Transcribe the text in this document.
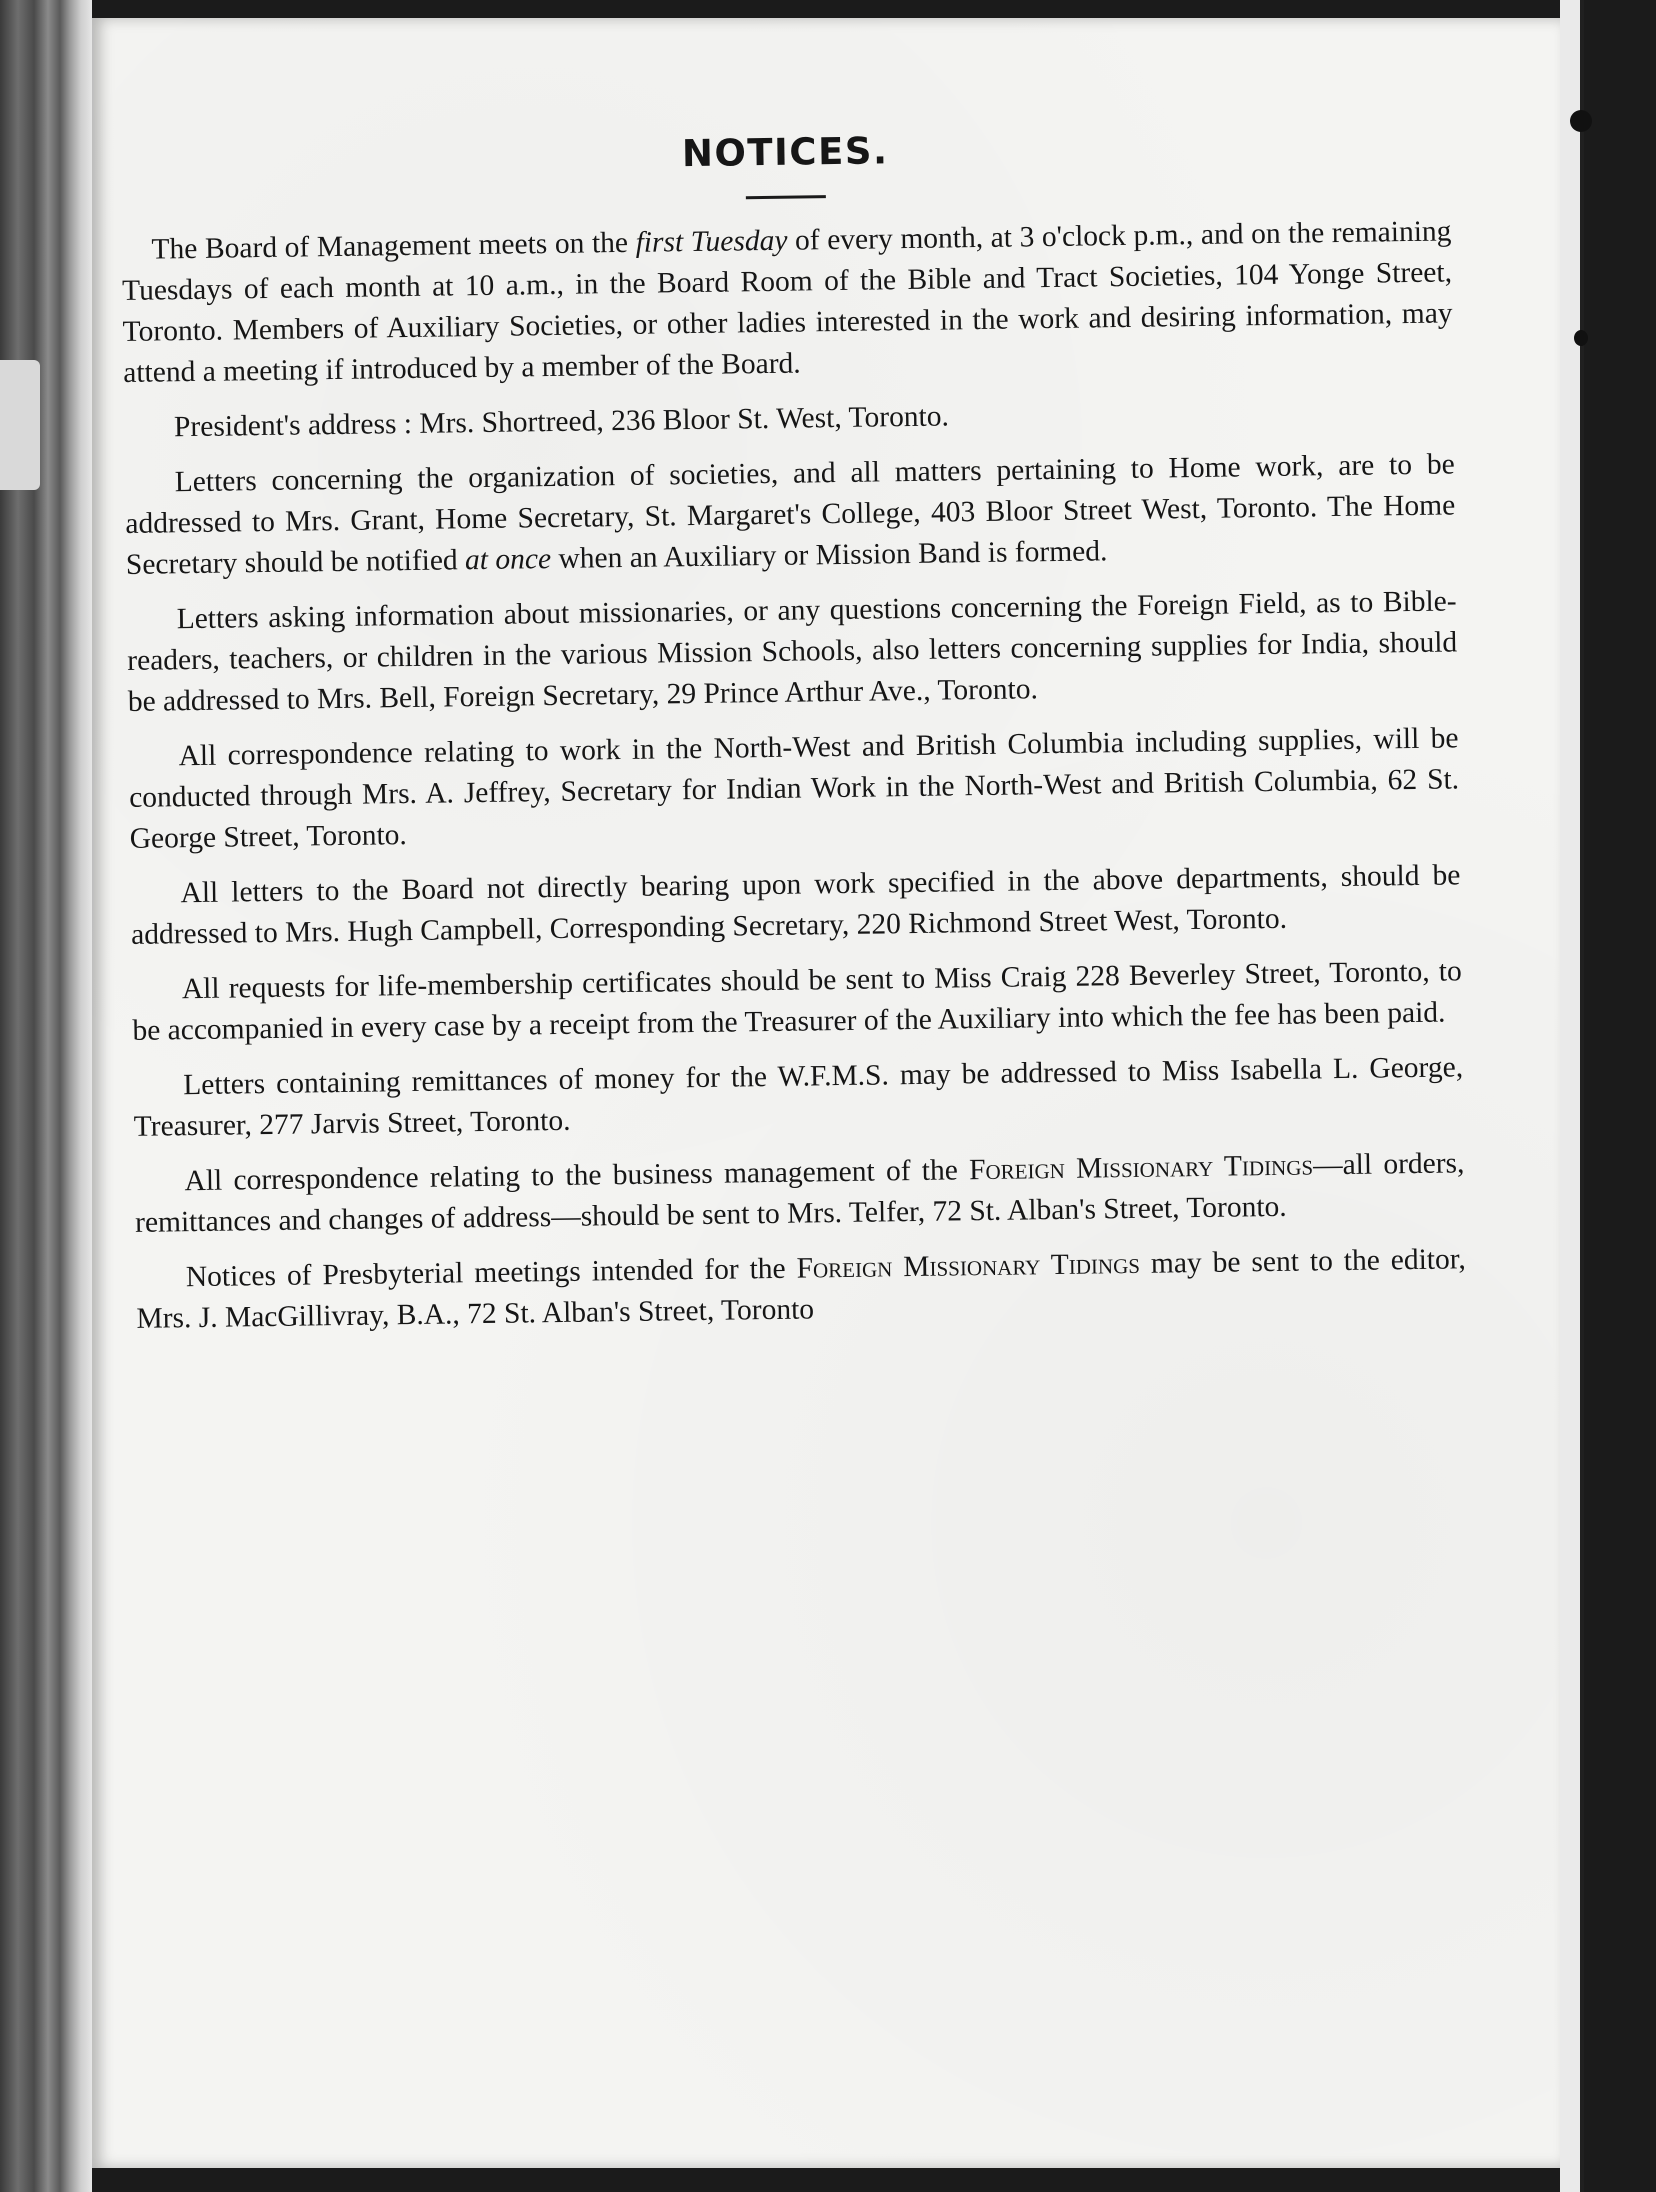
NOTICES.

The Board of Management meets on the first Tuesday of every month, at 3 o'clock p.m., and on the remaining Tuesdays of each month at 10 a.m., in the Board Room of the Bible and Tract Societies, 104 Yonge Street, Toronto. Members of Auxiliary Societies, or other ladies interested in the work and desiring information, may attend a meeting if introduced by a member of the Board.

President's address : Mrs. Shortreed, 236 Bloor St. West, Toronto.

Letters concerning the organization of societies, and all matters pertaining to Home work, are to be addressed to Mrs. Grant, Home Secretary, St. Margaret's College, 403 Bloor Street West, Toronto. The Home Secretary should be notified at once when an Auxiliary or Mission Band is formed.

Letters asking information about missionaries, or any questions concerning the Foreign Field, as to Bible-readers, teachers, or children in the various Mission Schools, also letters concerning supplies for India, should be addressed to Mrs. Bell, Foreign Secretary, 29 Prince Arthur Ave., Toronto.

All correspondence relating to work in the North-West and British Columbia including supplies, will be conducted through Mrs. A. Jeffrey, Secretary for Indian Work in the North-West and British Columbia, 62 St. George Street, Toronto.

All letters to the Board not directly bearing upon work specified in the above departments, should be addressed to Mrs. Hugh Campbell, Corresponding Secretary, 220 Richmond Street West, Toronto.

All requests for life-membership certificates should be sent to Miss Craig 228 Beverley Street, Toronto, to be accompanied in every case by a receipt from the Treasurer of the Auxiliary into which the fee has been paid.

Letters containing remittances of money for the W.F.M.S. may be addressed to Miss Isabella L. George, Treasurer, 277 Jarvis Street, Toronto.

All correspondence relating to the business management of the Foreign Missionary Tidings—all orders, remittances and changes of address—should be sent to Mrs. Telfer, 72 St. Alban's Street, Toronto.

Notices of Presbyterial meetings intended for the Foreign Missionary Tidings may be sent to the editor, Mrs. J. MacGillivray, B.A., 72 St. Alban's Street, Toronto
